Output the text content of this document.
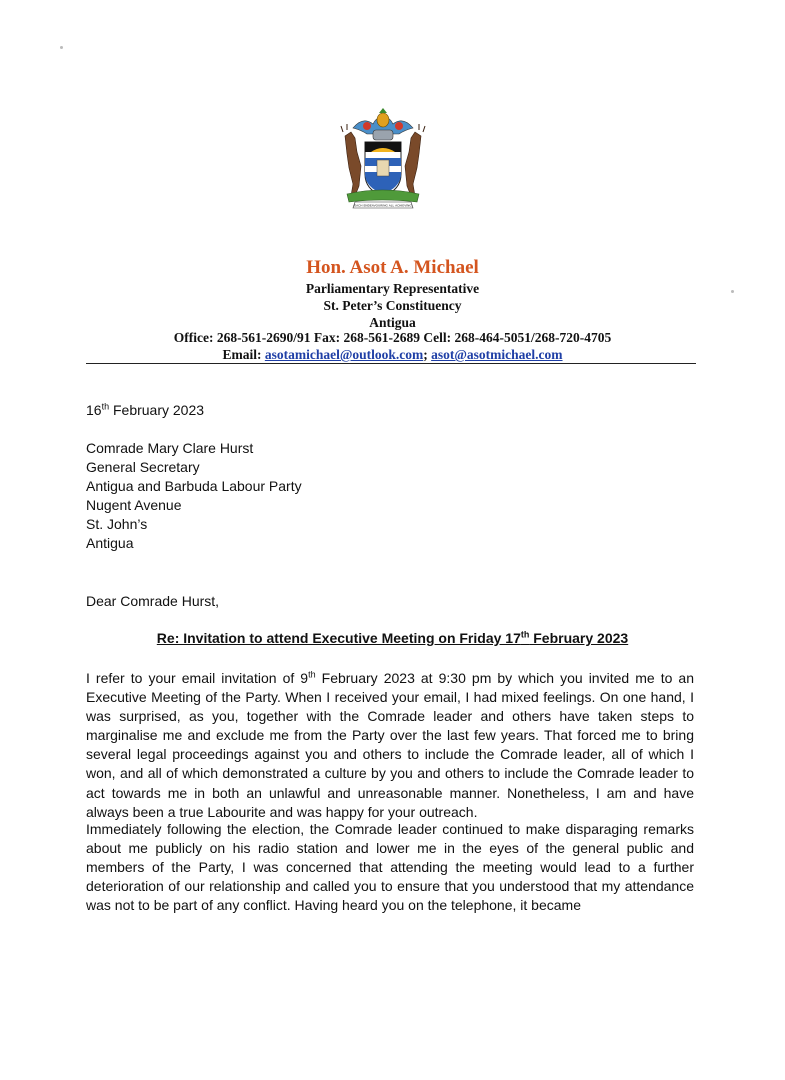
EACH ENDEAVOURING ALL ACHIEVING
Hon. Asot A. Michael
Parliamentary Representative
St. Peter’s Constituency
Antigua
Office: 268-561-2690/91 Fax: 268-561-2689 Cell: 268-464-5051/268-720-4705
Email: asotamichael@outlook.com; asot@asotmichael.com
16th February 2023
Comrade Mary Clare Hurst
General Secretary
Antigua and Barbuda Labour Party
Nugent Avenue
St. John’s
Antigua
Dear Comrade Hurst,
Re: Invitation to attend Executive Meeting on Friday 17th February 2023
I refer to your email invitation of 9th February 2023 at 9:30 pm by which you invited me to an Executive Meeting of the Party. When I received your email, I had mixed feelings. On one hand, I was surprised, as you, together with the Comrade leader and others have taken steps to marginalise me and exclude me from the Party over the last few years. That forced me to bring several legal proceedings against you and others to include the Comrade leader, all of which I won, and all of which demonstrated a culture by you and others to include the Comrade leader to act towards me in both an unlawful and unreasonable manner. Nonetheless, I am and have always been a true Labourite and was happy for your outreach.
Immediately following the election, the Comrade leader continued to make disparaging remarks about me publicly on his radio station and lower me in the eyes of the general public and members of the Party, I was concerned that attending the meeting would lead to a further deterioration of our relationship and called you to ensure that you understood that my attendance was not to be part of any conflict. Having heard you on the telephone, it became
